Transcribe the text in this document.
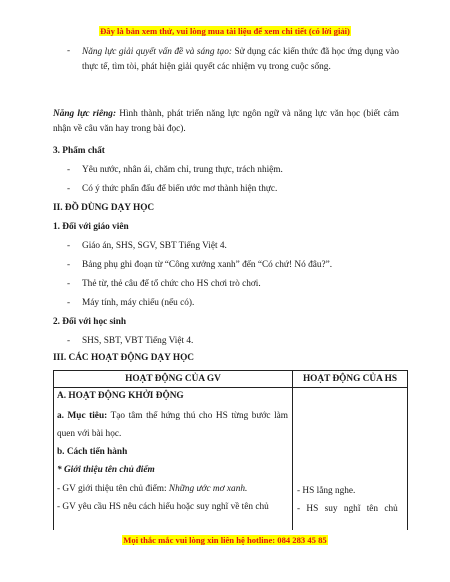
Đây là bản xem thử, vui lòng mua tài liệu để xem chi tiết (có lời giải)
- Năng lực giải quyết vấn đề và sáng tạo: Sử dụng các kiến thức đã học ứng dụng vào thực tế, tìm tòi, phát hiện giải quyết các nhiệm vụ trong cuộc sống.
Năng lực riêng: Hình thành, phát triển năng lực ngôn ngữ và năng lực văn học (biết cảm nhận về câu văn hay trong bài đọc).
3. Phẩm chất
- Yêu nước, nhân ái, chăm chỉ, trung thực, trách nhiệm.
- Có ý thức phấn đấu để biến ước mơ thành hiện thực.
II. ĐỒ DÙNG DẠY HỌC
1. Đối với giáo viên
- Giáo án, SHS, SGV, SBT Tiếng Việt 4.
- Bảng phụ ghi đoạn từ “Công xưởng xanh” đến “Có chứ! Nó đâu?”.
- Thẻ từ, thẻ câu để tổ chức cho HS chơi trò chơi.
- Máy tính, máy chiếu (nếu có).
2. Đối với học sinh
- SHS, SBT, VBT Tiếng Việt 4.
III. CÁC HOẠT ĐỘNG DẠY HỌC
HOẠT ĐỘNG CỦA GV	HOẠT ĐỘNG CỦA HS
A. HOẠT ĐỘNG KHỞI ĐỘNG
a. Mục tiêu: Tạo tâm thế hứng thú cho HS từng bước làm quen với bài học.
b. Cách tiến hành
* Giới thiệu tên chủ điểm
- GV giới thiệu tên chủ điểm: Những ước mơ xanh.
- GV yêu cầu HS nêu cách hiểu hoặc suy nghĩ về tên chủ
- HS lắng nghe.
- HS suy nghĩ tên chủ
Mọi thắc mắc vui lòng xin liên hệ hotline: 084 283 45 85
